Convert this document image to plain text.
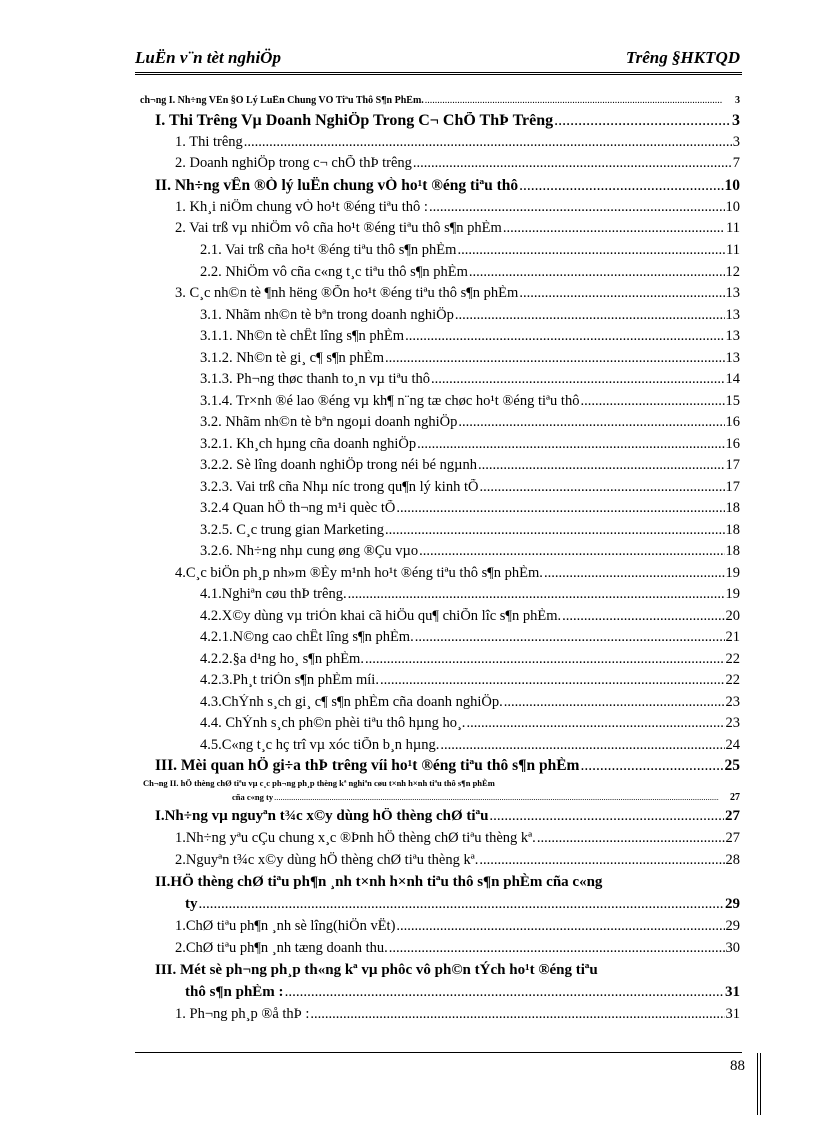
LuËn v¨n tèt nghiÖp	Trêng §HKTQD
ch¬ng I. Nh÷ng VÊn §Ò Lý LuËn Chung VÒ Tiªu Thô S¶n PhÈm. .....	3
I. Thi Trêng Vµ Doanh NghiÖp Trong C¬ ChÕ ThÞ Trêng .....	3
1. Thi trêng .....	3
2. Doanh nghiÖp trong c¬ chÕ thÞ trêng .....	7
II. Nh÷ng vÊn ®Ò lý luËn chung vÒ ho¹t ®éng tiªu thô .....	10
1. Kh¸i niÖm chung vÒ ho¹t ®éng tiªu thô : .....	10
2. Vai trß vµ nhiÖm vô cña ho¹t ®éng tiªu thô s¶n phÈm .....	11
2.1. Vai trß cña ho¹t ®éng tiªu thô s¶n phÈm .....	11
2.2. NhiÖm vô cña c«ng t¸c tiªu thô s¶n phÈm .....	12
3. C¸c nh©n tè ¶nh hëng ®Õn ho¹t ®éng tiªu thô s¶n phÈm .....	13
3.1. Nhãm nh©n tè bªn trong doanh nghiÖp .....	13
3.1.1. Nh©n tè chÊt lîng s¶n phÈm .....	13
3.1.2. Nh©n tè gi¸ c¶ s¶n phÈm .....	13
3.1.3. Ph¬ng thøc thanh to¸n vµ tiªu thô .....	14
3.1.4. Tr×nh ®é lao ®éng vµ kh¶ n¨ng tæ chøc ho¹t ®éng tiªu thô .....	15
3.2. Nhãm nh©n tè bªn ngoµi doanh nghiÖp .....	16
3.2.1. Kh¸ch hµng cña doanh nghiÖp .....	16
3.2.2. Sè lîng doanh nghiÖp trong néi bé ngµnh .....	17
3.2.3. Vai trß cña Nhµ níc trong qu¶n lý kinh tÕ .....	17
3.2.4 Quan hÖ th¬ng m¹i quèc tÕ .....	18
3.2.5. C¸c trung gian Marketing .....	18
3.2.6. Nh÷ng nhµ cung øng ®Çu vµo .....	18
4.C¸c biÖn ph¸p nh»m ®Èy m¹nh ho¹t ®éng tiªu thô s¶n phÈm. .....	19
4.1.Nghiªn cøu thÞ trêng. .....	19
4.2.X©y dùng vµ triÓn khai cã hiÖu qu¶ chiÕn lîc s¶n phÈm. .....	20
4.2.1.N©ng cao chÊt lîng s¶n phÈm. .....	21
4.2.2.§a d¹ng ho¸ s¶n phÈm. .....	22
4.2.3.Ph¸t triÓn s¶n phÈm míi. .....	22
4.3.ChÝnh s¸ch gi¸ c¶ s¶n phÈm cña doanh nghiÖp. .....	23
4.4. ChÝnh s¸ch ph©n phèi tiªu thô hµng ho¸. .....	23
4.5.C«ng t¸c hç trî vµ xóc tiÕn b¸n hµng. .....	24
III. Mèi quan hÖ gi÷a thÞ trêng víi ho¹t ®éng tiªu thô s¶n phÈm .....	25
Ch¬ng II. hÖ thèng chØ tiªu vµ c¸c ph¬ng ph¸p thèng kª nghiªn cøu t×nh h×nh tiªu thô s¶n phÈm
cña c«ng ty .....	27
I.Nh÷ng vµ nguyªn t¾c x©y dùng hÖ thèng chØ tiªu .....	27
1.Nh÷ng yªu cÇu chung x¸c ®Þnh hÖ thèng chØ tiªu thèng kª. .....	27
2.Nguyªn t¾c x©y dùng hÖ thèng chØ tiªu thèng kª. .....	28
II.HÖ thèng chØ tiªu ph¶n ¸nh t×nh h×nh tiªu thô s¶n phÈm cña c«ng
ty .....	29
1.ChØ tiªu ph¶n ¸nh sè lîng(hiÖn vËt) .....	29
2.ChØ tiªu ph¶n ¸nh tæng doanh thu. .....	30
III. Mét sè ph¬ng ph¸p th«ng kª vµ phôc vô ph©n tÝch ho¹t ®éng tiªu
thô s¶n phÈm : .....	31
1. Ph¬ng ph¸p ®å thÞ : .....	31
88
